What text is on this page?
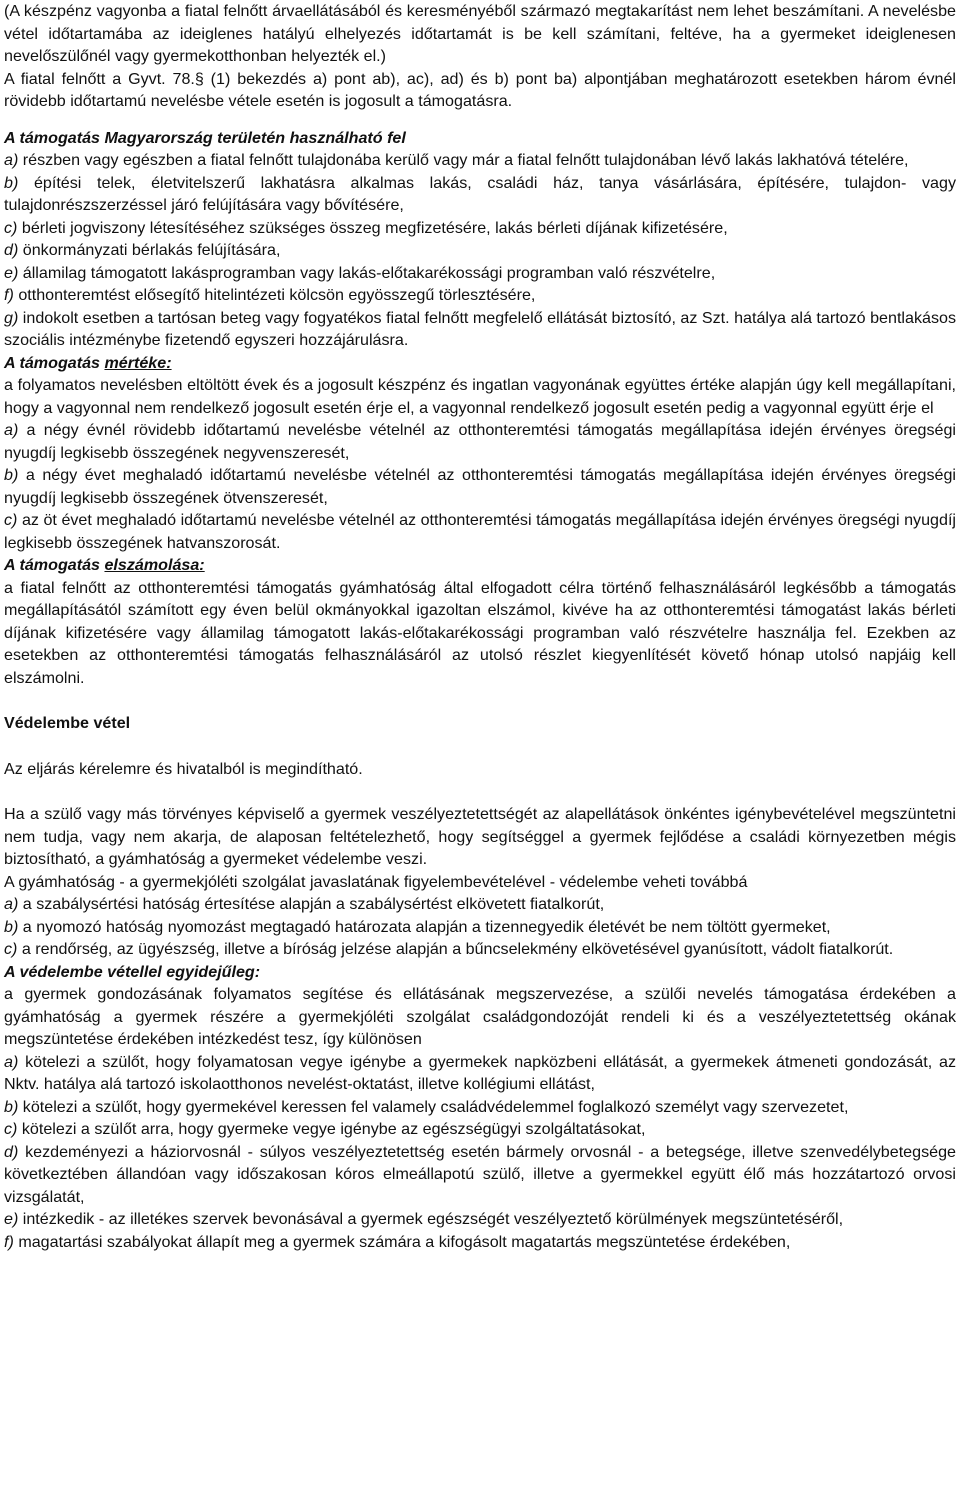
(A készpénz vagyonba a fiatal felnőtt árvaellátásából és keresményéből származó megtakarítást nem lehet beszámítani. A nevelésbe vétel időtartamába az ideiglenes hatályú elhelyezés időtartamát is be kell számítani, feltéve, ha a gyermeket ideiglenesen nevelőszülőnél vagy gyermekotthonban helyezték el.)

A fiatal felnőtt a Gyvt. 78.§ (1) bekezdés a) pont ab), ac), ad) és b) pont ba) alpontjában meghatározott esetekben három évnél rövidebb időtartamú nevelésbe vétele esetén is jogosult a támogatásra.

A támogatás Magyarország területén használható fel

a) részben vagy egészben a fiatal felnőtt tulajdonába kerülő vagy már a fiatal felnőtt tulajdonában lévő lakás lakhatóvá tételére,

b) építési telek, életvitelszerű lakhatásra alkalmas lakás, családi ház, tanya vásárlására, építésére, tulajdon- vagy tulajdonrészszerzéssel járó felújítására vagy bővítésére,

c) bérleti jogviszony létesítéséhez szükséges összeg megfizetésére, lakás bérleti díjának kifizetésére,

d) önkormányzati bérlakás felújítására,

e) államilag támogatott lakásprogramban vagy lakás-előtakarékossági programban való részvételre,

f) otthonteremtést elősegítő hitelintézeti kölcsön egyösszegű törlesztésére,

g) indokolt esetben a tartósan beteg vagy fogyatékos fiatal felnőtt megfelelő ellátását biztosító, az Szt. hatálya alá tartozó bentlakásos szociális intézménybe fizetendő egyszeri hozzájárulásra.

A támogatás mértéke:

a folyamatos nevelésben eltöltött évek és a jogosult készpénz és ingatlan vagyonának együttes értéke alapján úgy kell megállapítani, hogy a vagyonnal nem rendelkező jogosult esetén érje el, a vagyonnal rendelkező jogosult esetén pedig a vagyonnal együtt érje el

a) a négy évnél rövidebb időtartamú nevelésbe vételnél az otthonteremtési támogatás megállapítása idején érvényes öregségi nyugdíj legkisebb összegének negyvenszeresét,

b) a négy évet meghaladó időtartamú nevelésbe vételnél az otthonteremtési támogatás megállapítása idején érvényes öregségi nyugdíj legkisebb összegének ötvenszeresét,

c) az öt évet meghaladó időtartamú nevelésbe vételnél az otthonteremtési támogatás megállapítása idején érvényes öregségi nyugdíj legkisebb összegének hatvanszorosát.

A támogatás elszámolása:

a fiatal felnőtt az otthonteremtési támogatás gyámhatóság által elfogadott célra történő felhasználásáról legkésőbb a támogatás megállapításától számított egy éven belül okmányokkal igazoltan elszámol, kivéve ha az otthonteremtési támogatást lakás bérleti díjának kifizetésére vagy államilag támogatott lakás-előtakarékossági programban való részvételre használja fel. Ezekben az esetekben az otthonteremtési támogatás felhasználásáról az utolsó részlet kiegyenlítését követő hónap utolsó napjáig kell elszámolni.

Védelembe vétel

Az eljárás kérelemre és hivatalból is megindítható.

Ha a szülő vagy más törvényes képviselő a gyermek veszélyeztetettségét az alapellátások önkéntes igénybevételével megszüntetni nem tudja, vagy nem akarja, de alaposan feltételezhető, hogy segítséggel a gyermek fejlődése a családi környezetben mégis biztosítható, a gyámhatóság a gyermeket védelembe veszi.

A gyámhatóság - a gyermekjóléti szolgálat javaslatának figyelembevételével - védelembe veheti továbbá

a) a szabálysértési hatóság értesítése alapján a szabálysértést elkövetett fiatalkorút,

b) a nyomozó hatóság nyomozást megtagadó határozata alapján a tizennegyedik életévét be nem töltött gyermeket,

c) a rendőrség, az ügyészség, illetve a bíróság jelzése alapján a bűncselekmény elkövetésével gyanúsított, vádolt fiatalkorút.

A védelembe vétellel egyidejűleg:

a gyermek gondozásának folyamatos segítése és ellátásának megszervezése, a szülői nevelés támogatása érdekében a gyámhatóság a gyermek részére a gyermekjóléti szolgálat családgondozóját rendeli ki és a veszélyeztetettség okának megszüntetése érdekében intézkedést tesz, így különösen

a) kötelezi a szülőt, hogy folyamatosan vegye igénybe a gyermekek napközbeni ellátását, a gyermekek átmeneti gondozását, az Nktv. hatálya alá tartozó iskolaotthonos nevelést-oktatást, illetve kollégiumi ellátást,

b) kötelezi a szülőt, hogy gyermekével keressen fel valamely családvédelemmel foglalkozó személyt vagy szervezetet,

c) kötelezi a szülőt arra, hogy gyermeke vegye igénybe az egészségügyi szolgáltatásokat,

d) kezdeményezi a háziorvosnál - súlyos veszélyeztetettség esetén bármely orvosnál - a betegsége, illetve szenvedélybetegsége következtében állandóan vagy időszakosan kóros elmeállapotú szülő, illetve a gyermekkel együtt élő más hozzátartozó orvosi vizsgálatát,

e) intézkedik - az illetékes szervek bevonásával a gyermek egészségét veszélyeztető körülmények megszüntetéséről,

f) magatartási szabályokat állapít meg a gyermek számára a kifogásolt magatartás megszüntetése érdekében,
